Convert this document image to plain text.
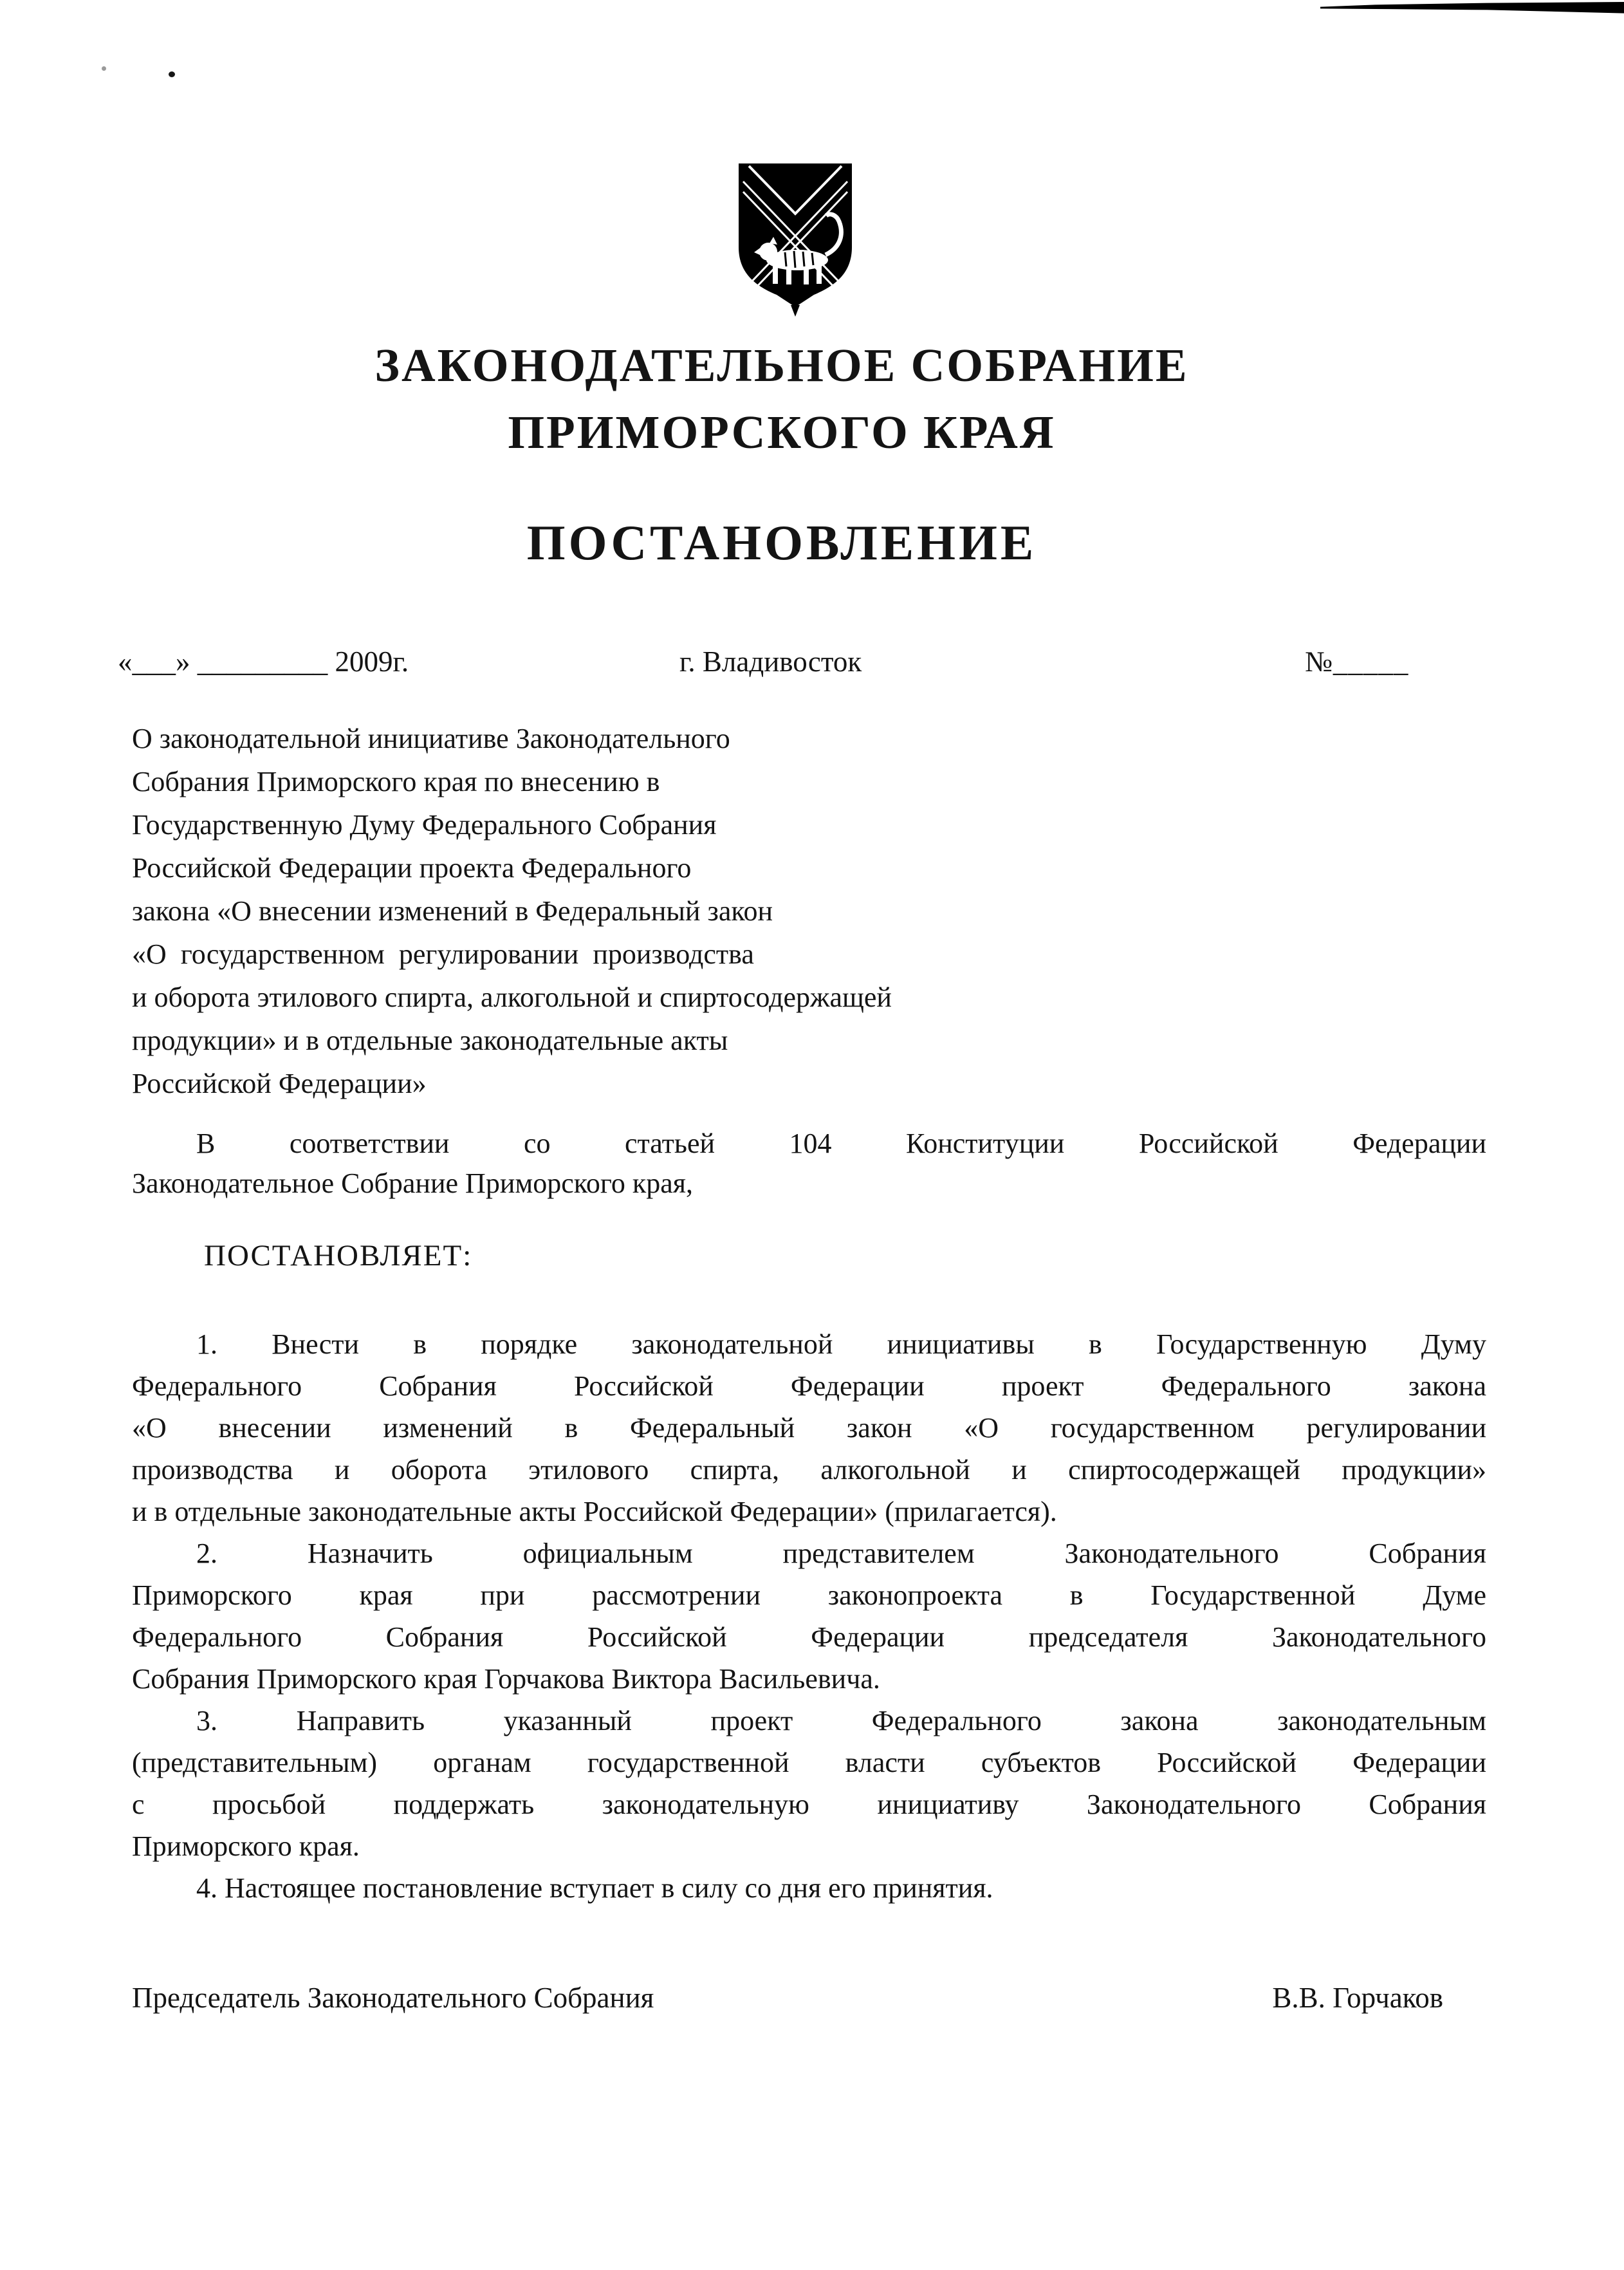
ЗАКОНОДАТЕЛЬНОЕ СОБРАНИЕ
ПРИМОРСКОГО КРАЯ
ПОСТАНОВЛЕНИЕ
«___» _________ 2009г.	г. Владивосток	№_____
О законодательной инициативе Законодательного
Собрания Приморского края по внесению в
Государственную Думу Федерального Собрания
Российской Федерации проекта Федерального
закона «О внесении изменений в Федеральный закон
«О  государственном  регулировании  производства
и оборота этилового спирта, алкогольной и спиртосодержащей
продукции» и в отдельные законодательные акты
Российской Федерации»
В соответствии со статьей 104 Конституции Российской Федерации
Законодательное Собрание Приморского края,
ПОСТАНОВЛЯЕТ:
1. Внести в порядке законодательной инициативы в Государственную Думу
Федерального Собрания Российской Федерации проект Федерального закона
«О внесении изменений в Федеральный закон «О государственном регулировании
производства и оборота этилового спирта, алкогольной и спиртосодержащей продукции»
и в отдельные законодательные акты Российской Федерации» (прилагается).
2. Назначить официальным представителем Законодательного Собрания
Приморского края при рассмотрении законопроекта в Государственной Думе
Федерального Собрания Российской Федерации председателя Законодательного
Собрания Приморского края Горчакова Виктора Васильевича.
3. Направить указанный проект Федерального закона законодательным
(представительным) органам государственной власти субъектов Российской Федерации
с просьбой поддержать законодательную инициативу Законодательного Собрания
Приморского края.
4. Настоящее постановление вступает в силу со дня его принятия.
Председатель Законодательного Собрания	В.В. Горчаков
